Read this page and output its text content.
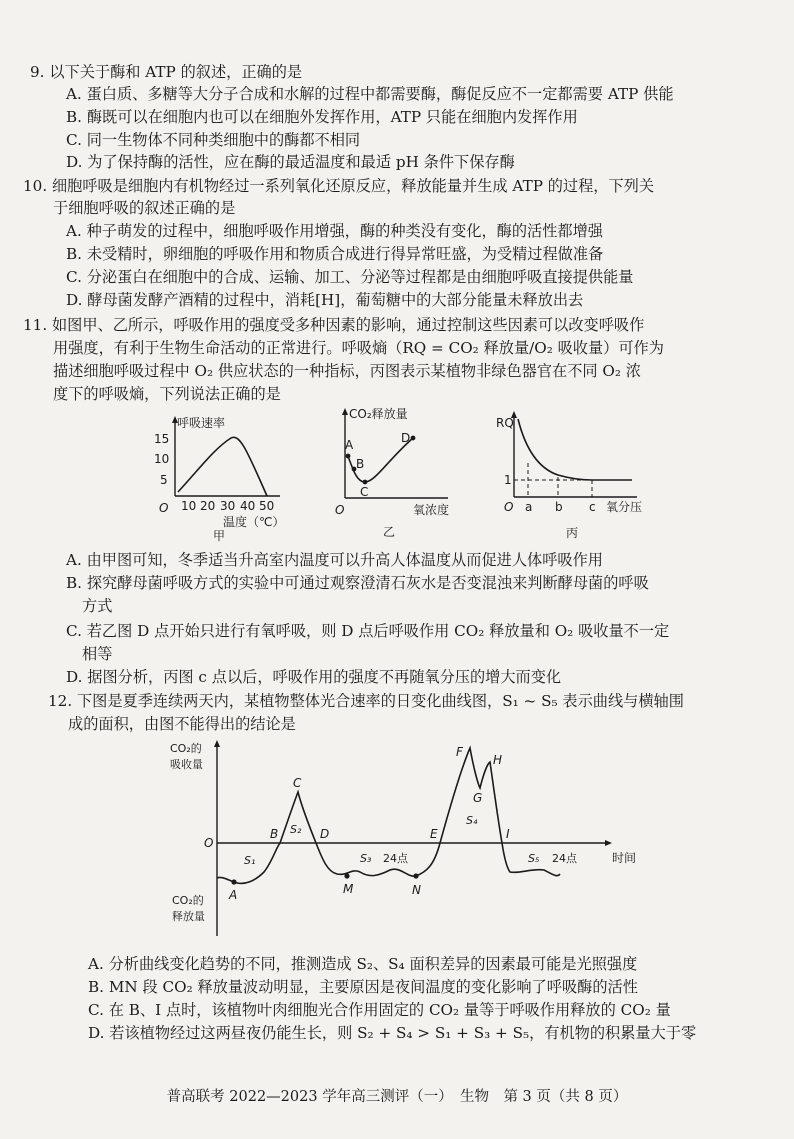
9. 以下关于酶和 ATP 的叙述，正确的是
A. 蛋白质、多糖等大分子合成和水解的过程中都需要酶，酶促反应不一定都需要 ATP 供能
B. 酶既可以在细胞内也可以在细胞外发挥作用，ATP 只能在细胞内发挥作用
C. 同一生物体不同种类细胞中的酶都不相同
D. 为了保持酶的活性，应在酶的最适温度和最适 pH 条件下保存酶
10. 细胞呼吸是细胞内有机物经过一系列氧化还原反应，释放能量并生成 ATP 的过程，下列关
于细胞呼吸的叙述正确的是
A. 种子萌发的过程中，细胞呼吸作用增强，酶的种类没有变化，酶的活性都增强
B. 未受精时，卵细胞的呼吸作用和物质合成进行得异常旺盛，为受精过程做准备
C. 分泌蛋白在细胞中的合成、运输、加工、分泌等过程都是由细胞呼吸直接提供能量
D. 酵母菌发酵产酒精的过程中，消耗[H]，葡萄糖中的大部分能量未释放出去
11. 如图甲、乙所示，呼吸作用的强度受多种因素的影响，通过控制这些因素可以改变呼吸作
用强度，有利于生物生命活动的正常进行。呼吸熵（RQ = CO₂ 释放量/O₂ 吸收量）可作为
描述细胞呼吸过程中 O₂ 供应状态的一种指标，丙图表示某植物非绿色器官在不同 O₂ 浓
度下的呼吸熵，下列说法正确的是
呼吸速率
15
10
5
O 10 20 30 40 50
温度（℃）
甲
CO₂释放量
O	氧浓度
乙
A
B
C
D
RQ
1
O a b c 氧分压
丙
A. 由甲图可知，冬季适当升高室内温度可以升高人体温度从而促进人体呼吸作用
B. 探究酵母菌呼吸方式的实验中可通过观察澄清石灰水是否变混浊来判断酵母菌的呼吸
方式
C. 若乙图 D 点开始只进行有氧呼吸，则 D 点后呼吸作用 CO₂ 释放量和 O₂ 吸收量不一定
相等
D. 据图分析，丙图 c 点以后，呼吸作用的强度不再随氧分压的增大而变化
12. 下图是夏季连续两天内，某植物整体光合速率的日变化曲线图，S₁ ~ S₅ 表示曲线与横轴围
成的面积，由图不能得出的结论是
CO₂的
吸收量
CO₂的
释放量
O
时间
24点	24点
A
B
C
D	E
F
G
H
I
M	N
S₁
S₂
S₃
S₄
S₅
A. 分析曲线变化趋势的不同，推测造成 S₂、S₄ 面积差异的因素最可能是光照强度
B. MN 段 CO₂ 释放量波动明显，主要原因是夜间温度的变化影响了呼吸酶的活性
C. 在 B、I 点时，该植物叶肉细胞光合作用固定的 CO₂ 量等于呼吸作用释放的 CO₂ 量
D. 若该植物经过这两昼夜仍能生长，则 S₂ + S₄ > S₁ + S₃ + S₅，有机物的积累量大于零
普高联考 2022—2023 学年高三测评（一）　生物　第 3 页（共 8 页）
